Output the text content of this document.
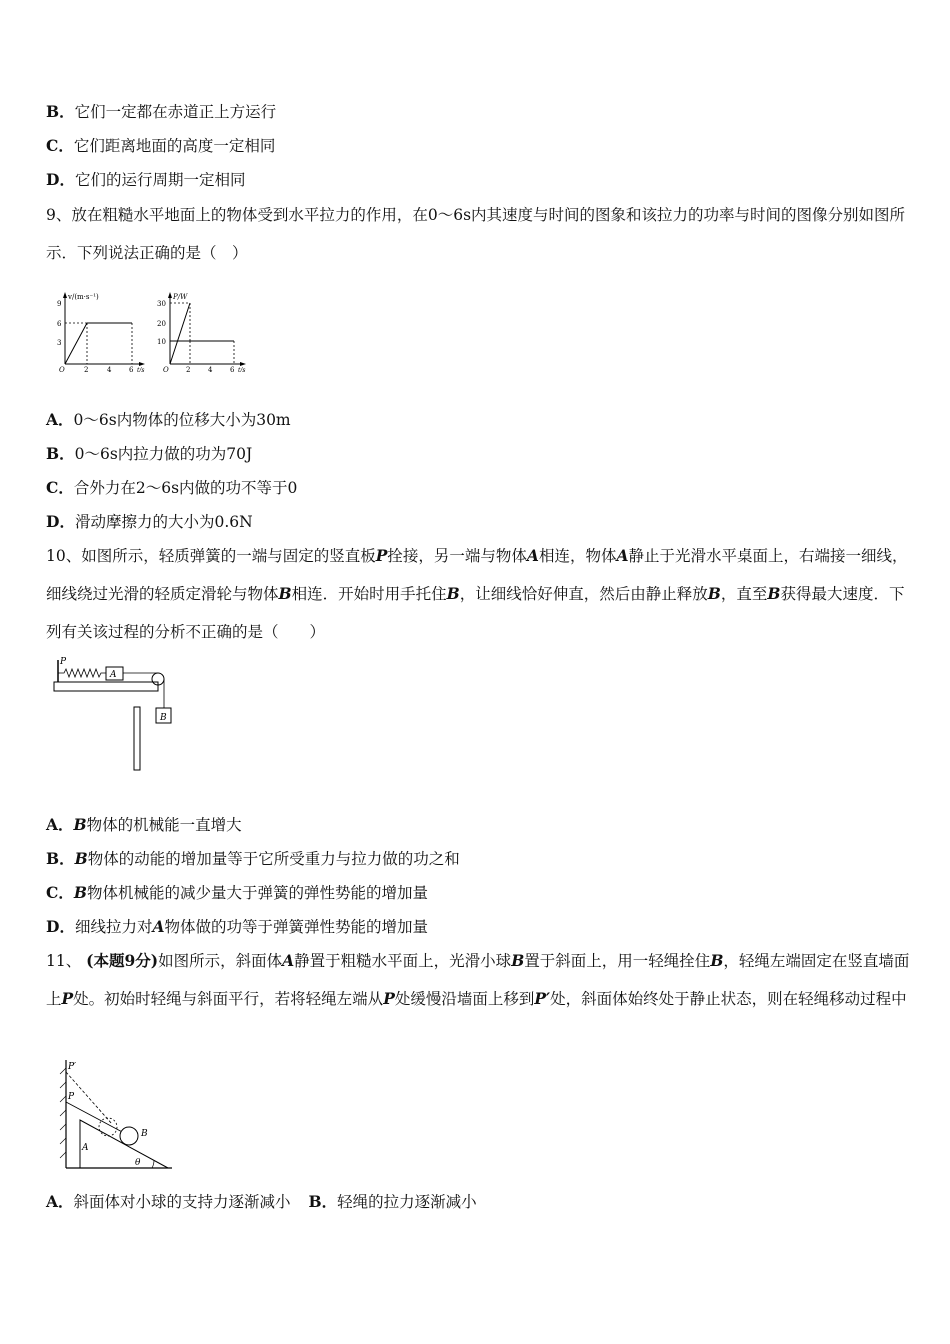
B．它们一定都在赤道正上方运行
C．它们距离地面的高度一定相同
D．它们的运行周期一定相同
9、放在粗糙水平地面上的物体受到水平拉力的作用，在0～6s内其速度与时间的图象和该拉力的功率与时间的图像分别如图所示．下列说法正确的是（　）
v/(m·s⁻¹)
9
6
3
O	2	4	6 t/s
P/W
30
20
10
O 2	4	6 t/s
A．0～6s内物体的位移大小为30m
B．0～6s内拉力做的功为70J
C．合外力在2～6s内做的功不等于0
D．滑动摩擦力的大小为0.6N
10、如图所示，轻质弹簧的一端与固定的竖直板P拴接，另一端与物体A相连，物体A静止于光滑水平桌面上，右端接一细线，细线绕过光滑的轻质定滑轮与物体B相连．开始时用手托住B，让细线恰好伸直，然后由静止释放B，直至B获得最大速度．下列有关该过程的分析不正确的是（　　）
P
A
B
A．B物体的机械能一直增大
B．B物体的动能的增加量等于它所受重力与拉力做的功之和
C．B物体机械能的减少量大于弹簧的弹性势能的增加量
D．细线拉力对A物体做的功等于弹簧弹性势能的增加量
11、 (本题9分)如图所示，斜面体A静置于粗糙水平面上，光滑小球B置于斜面上，用一轻绳拴住B，轻绳左端固定在竖直墙面上P处。初始时轻绳与斜面平行，若将轻绳左端从P处缓慢沿墙面上移到P′处，斜面体始终处于静止状态，则在轻绳移动过程中
P′
P
A
B
θ
A．斜面体对小球的支持力逐渐减小 B．轻绳的拉力逐渐减小
